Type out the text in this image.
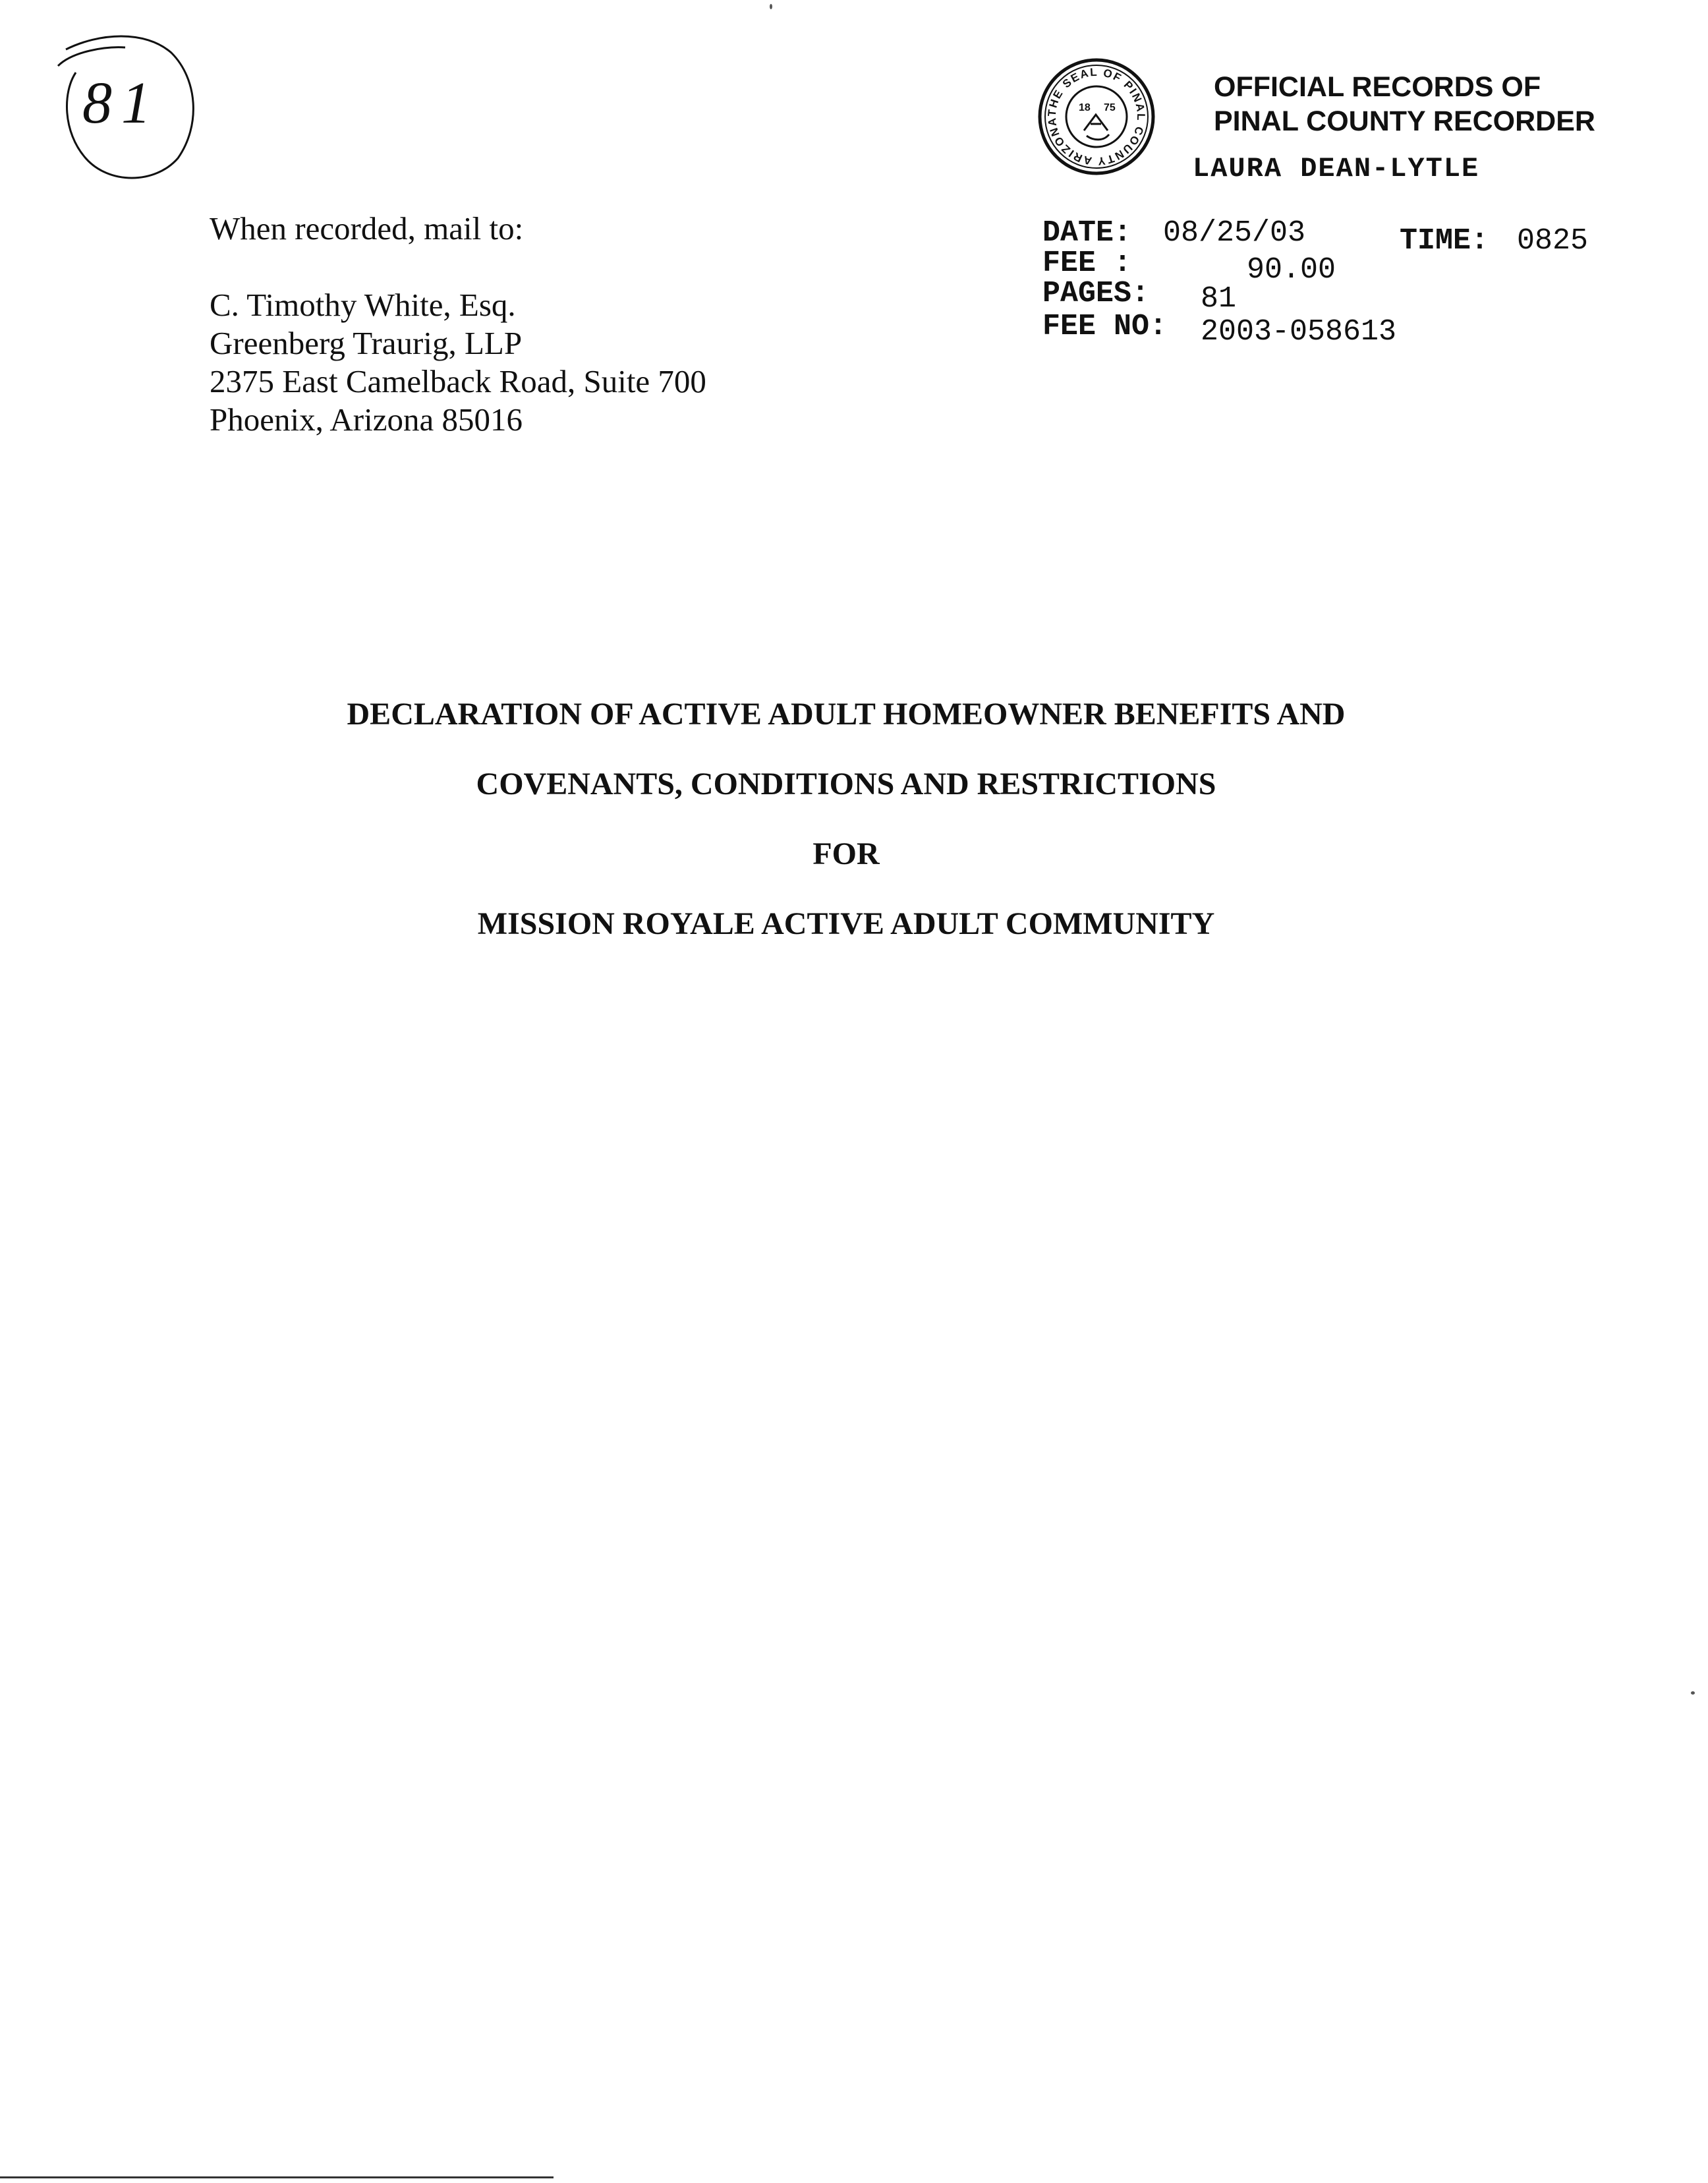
81
When recorded, mail to:
C. Timothy White, Esq.
Greenberg Traurig, LLP
2375 East Camelback Road, Suite 700
Phoenix, Arizona 85016
THE SEAL OF PINAL COUNTY ARIZONA
18 75
OFFICIAL RECORDS OF
PINAL COUNTY RECORDER
LAURA DEAN-LYTLE
DATE: 08/25/03	TIME: 0825
FEE :	90.00
PAGES: 81
FEE NO: 2003-058613
DECLARATION OF ACTIVE ADULT HOMEOWNER BENEFITS AND
COVENANTS, CONDITIONS AND RESTRICTIONS
FOR
MISSION ROYALE ACTIVE ADULT COMMUNITY
